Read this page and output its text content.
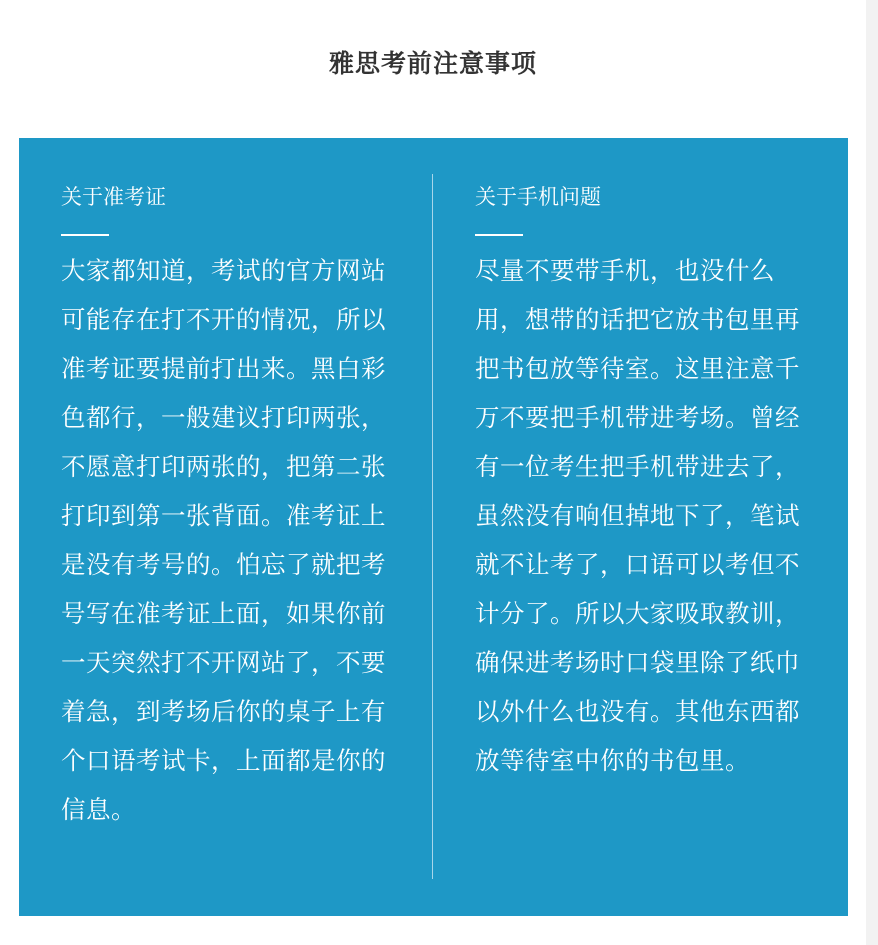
雅思考前注意事项
关于准考证
大家都知道，考试的官方网站可能存在打不开的情况，所以准考证要提前打出来。黑白彩色都行，一般建议打印两张，不愿意打印两张的，把第二张打印到第一张背面。准考证上是没有考号的。怕忘了就把考号写在准考证上面，如果你前一天突然打不开网站了，不要着急，到考场后你的桌子上有个口语考试卡，上面都是你的信息。
关于手机问题
尽量不要带手机，也没什么用，想带的话把它放书包里再把书包放等待室。这里注意千万不要把手机带进考场。曾经有一位考生把手机带进去了，虽然没有响但掉地下了，笔试就不让考了，口语可以考但不计分了。所以大家吸取教训，确保进考场时口袋里除了纸巾以外什么也没有。其他东西都放等待室中你的书包里。
